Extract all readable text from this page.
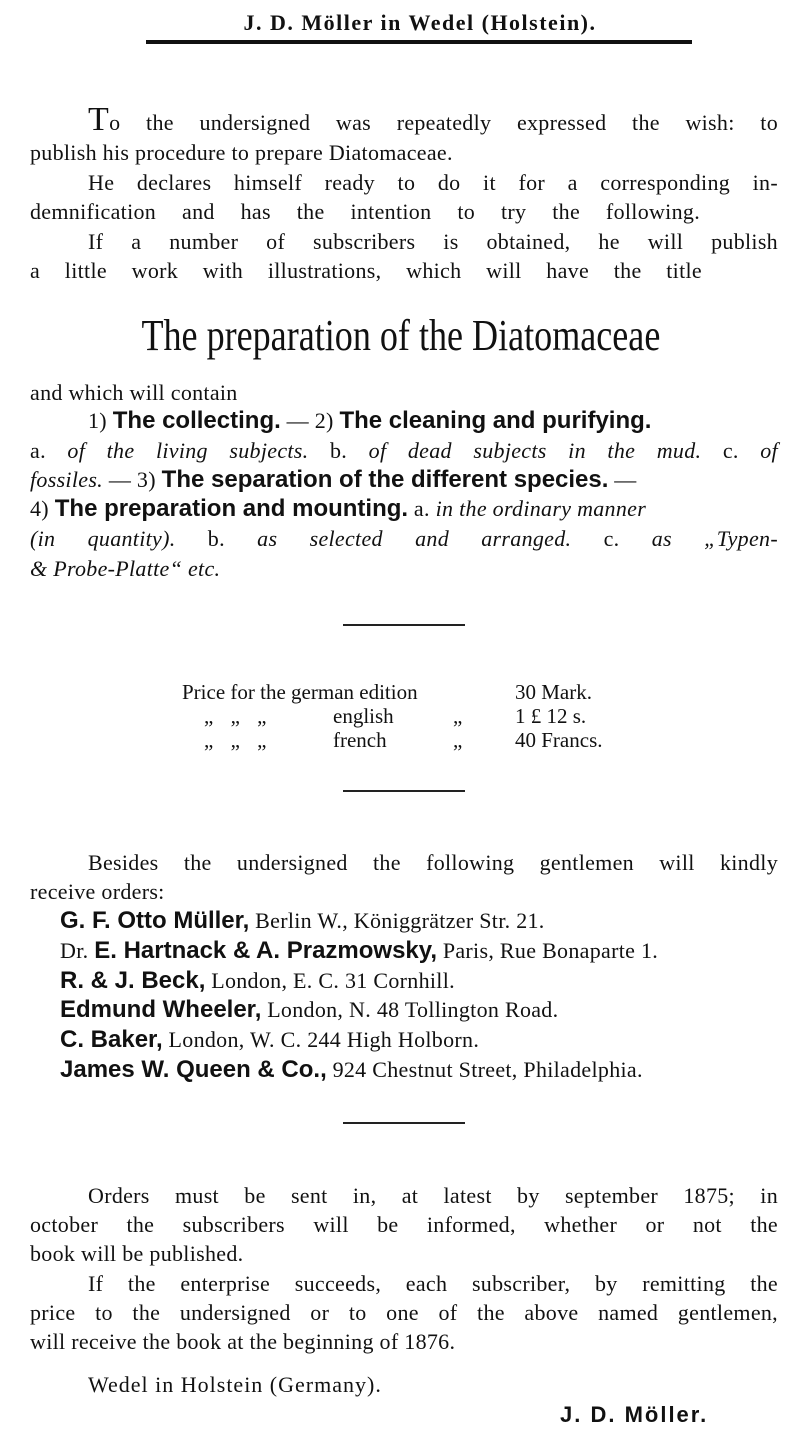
J. D. Möller in Wedel (Holstein).
To the undersigned was repeatedly expressed the wish: to
publish his procedure to prepare Diatomaceae.
He declares himself ready to do it for a corresponding in-
demnification and has the intention to try the following.
If a number of subscribers is obtained, he will publish
a little work with illustrations, which will have the title
The preparation of the Diatomaceae
and which will contain
1) The collecting. — 2) The cleaning and purifying.
a. of the living subjects. b. of dead subjects in the mud. c. of
fossiles. — 3) The separation of the different species. —
4) The preparation and mounting. a. in the ordinary manner
(in quantity). b. as selected and arranged. c. as „Typen-
& Probe-Platte“ etc.
Price for the german edition	30 Mark.
„ „ „	english	„	1 £ 12 s.
„ „ „	french	„	40 Francs.
Besides the undersigned the following gentlemen will kindly
receive orders:
G. F. Otto Müller, Berlin W., Königgrätzer Str. 21.
Dr. E. Hartnack & A. Prazmowsky, Paris, Rue Bonaparte 1.
R. & J. Beck, London, E. C. 31 Cornhill.
Edmund Wheeler, London, N. 48 Tollington Road.
C. Baker, London, W. C. 244 High Holborn.
James W. Queen & Co., 924 Chestnut Street, Philadelphia.
Orders must be sent in, at latest by september 1875; in
october the subscribers will be informed, whether or not the
book will be published.
If the enterprise succeeds, each subscriber, by remitting the
price to the undersigned or to one of the above named gentlemen,
will receive the book at the beginning of 1876.
Wedel in Holstein (Germany).
J. D. Möller.
